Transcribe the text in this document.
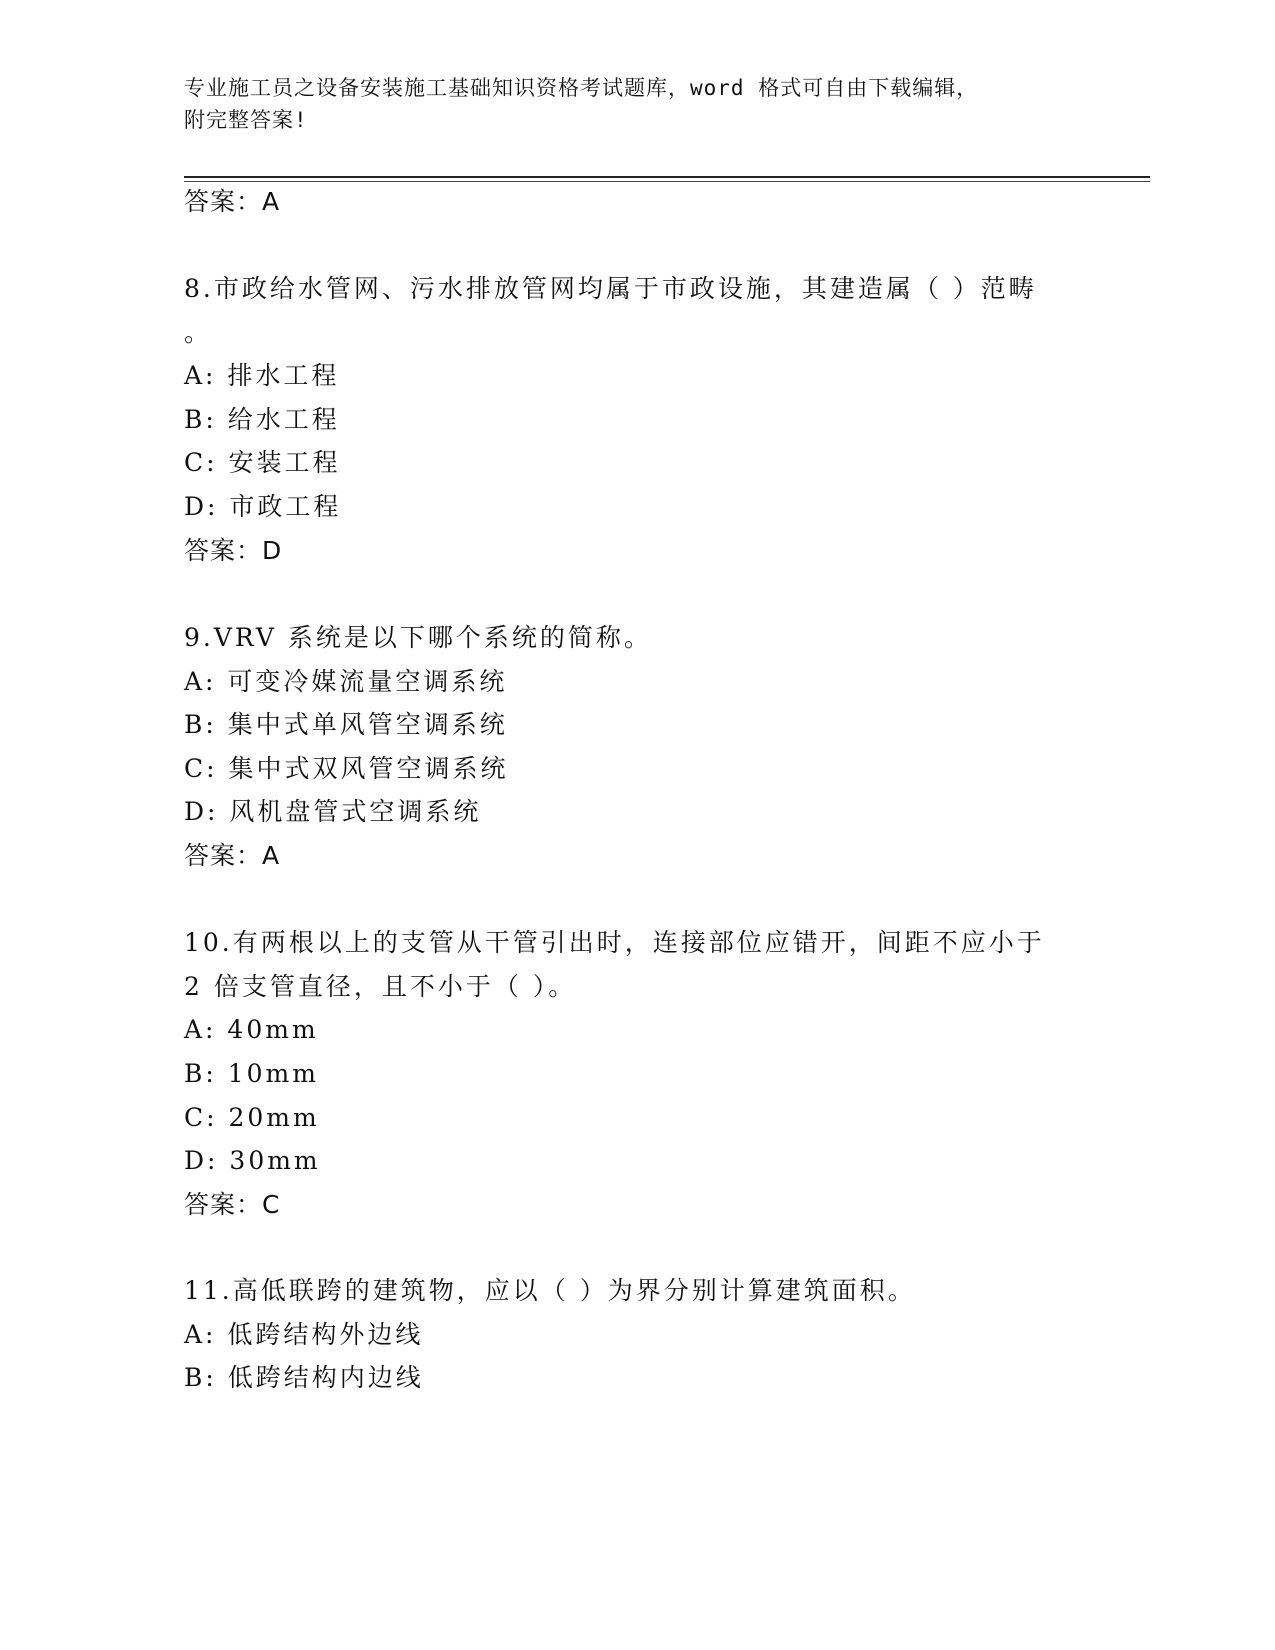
专业施工员之设备安装施工基础知识资格考试题库，word 格式可自由下载编辑，
附完整答案!
答案：A
8.市政给水管网、污水排放管网均属于市政设施，其建造属（ ）范畴
。
A: 排水工程
B: 给水工程
C: 安装工程
D: 市政工程
答案：D
9.VRV 系统是以下哪个系统的简称。
A: 可变冷媒流量空调系统
B: 集中式单风管空调系统
C: 集中式双风管空调系统
D: 风机盘管式空调系统
答案：A
10.有两根以上的支管从干管引出时，连接部位应错开，间距不应小于
2 倍支管直径，且不小于（ ）。
A: 40mm
B: 10mm
C: 20mm
D: 30mm
答案：C
11.高低联跨的建筑物，应以（ ）为界分别计算建筑面积。
A: 低跨结构外边线
B: 低跨结构内边线
